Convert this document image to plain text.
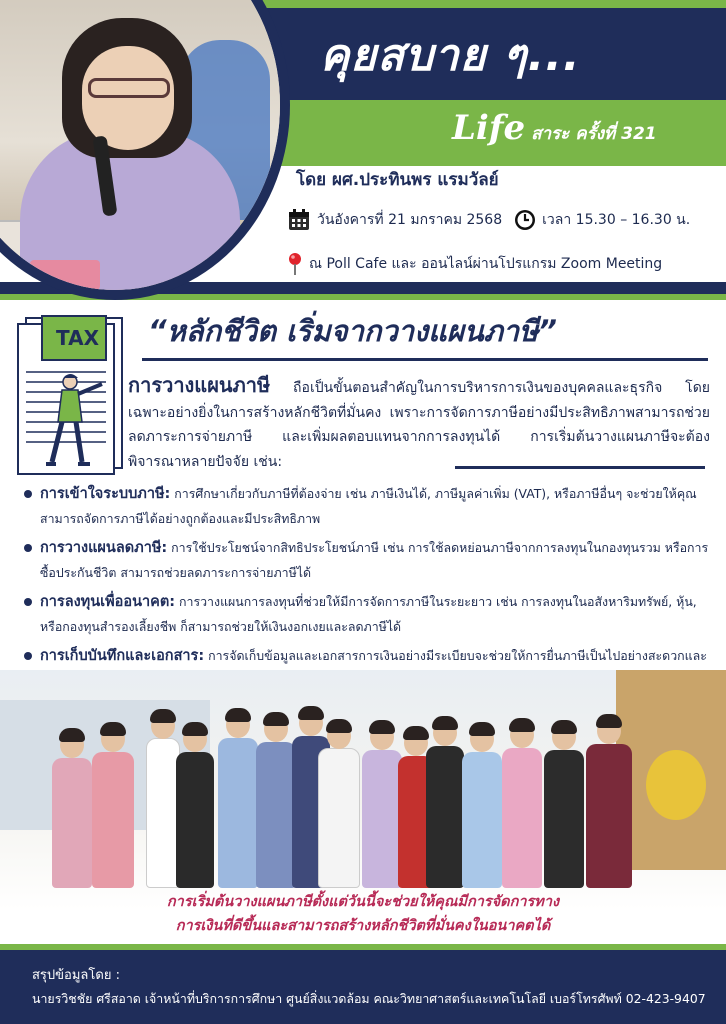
คุยสบาย ๆ...
Life สาระ ครั้งที่ 321
โดย ผศ.ประทินพร แรมวัลย์
วันอังคารที่ 21 มกราคม 2568	เวลา 15.30 – 16.30 น.
ณ Poll Cafe และ ออนไลน์ผ่านโปรแกรม Zoom Meeting
TAX “หลักชีวิต เริ่มจากวางแผนภาษี”
การวางแผนภาษี ถือเป็นขั้นตอนสำคัญในการบริหารการเงินของบุคคลและธุรกิจ โดยเฉพาะอย่างยิ่งในการสร้างหลักชีวิตที่มั่นคง เพราะการจัดการภาษีอย่างมีประสิทธิภาพสามารถช่วยลดภาระการจ่ายภาษี และเพิ่มผลตอบแทนจากการลงทุนได้ การเริ่มต้นวางแผนภาษีจะต้องพิจารณาหลายปัจจัย เช่น:
การเข้าใจระบบภาษี: การศึกษาเกี่ยวกับภาษีที่ต้องจ่าย เช่น ภาษีเงินได้, ภาษีมูลค่าเพิ่ม (VAT), หรือภาษีอื่นๆ จะช่วยให้คุณสามารถจัดการภาษีได้อย่างถูกต้องและมีประสิทธิภาพ
การวางแผนลดภาษี: การใช้ประโยชน์จากสิทธิประโยชน์ภาษี เช่น การใช้ลดหย่อนภาษีจากการลงทุนในกองทุนรวม หรือการซื้อประกันชีวิต สามารถช่วยลดภาระการจ่ายภาษีได้
การลงทุนเพื่ออนาคต: การวางแผนการลงทุนที่ช่วยให้มีการจัดการภาษีในระยะยาว เช่น การลงทุนในอสังหาริมทรัพย์, หุ้น, หรือกองทุนสำรองเลี้ยงชีพ ก็สามารถช่วยให้เงินงอกเงยและลดภาษีได้
การเก็บบันทึกและเอกสาร: การจัดเก็บข้อมูลและเอกสารการเงินอย่างมีระเบียบจะช่วยให้การยื่นภาษีเป็นไปอย่างสะดวกและ
การเริ่มต้นวางแผนภาษีตั้งแต่วันนี้จะช่วยให้คุณมีการจัดการทาง
การเงินที่ดีขึ้นและสามารถสร้างหลักชีวิตที่มั่นคงในอนาคตได้
สรุปข้อมูลโดย :
นายรวิชชัย ศรีสอาด เจ้าหน้าที่บริการการศึกษา ศูนย์สิ่งแวดล้อม คณะวิทยาศาสตร์และเทคโนโลยี เบอร์โทรศัพท์ 02-423-9407
